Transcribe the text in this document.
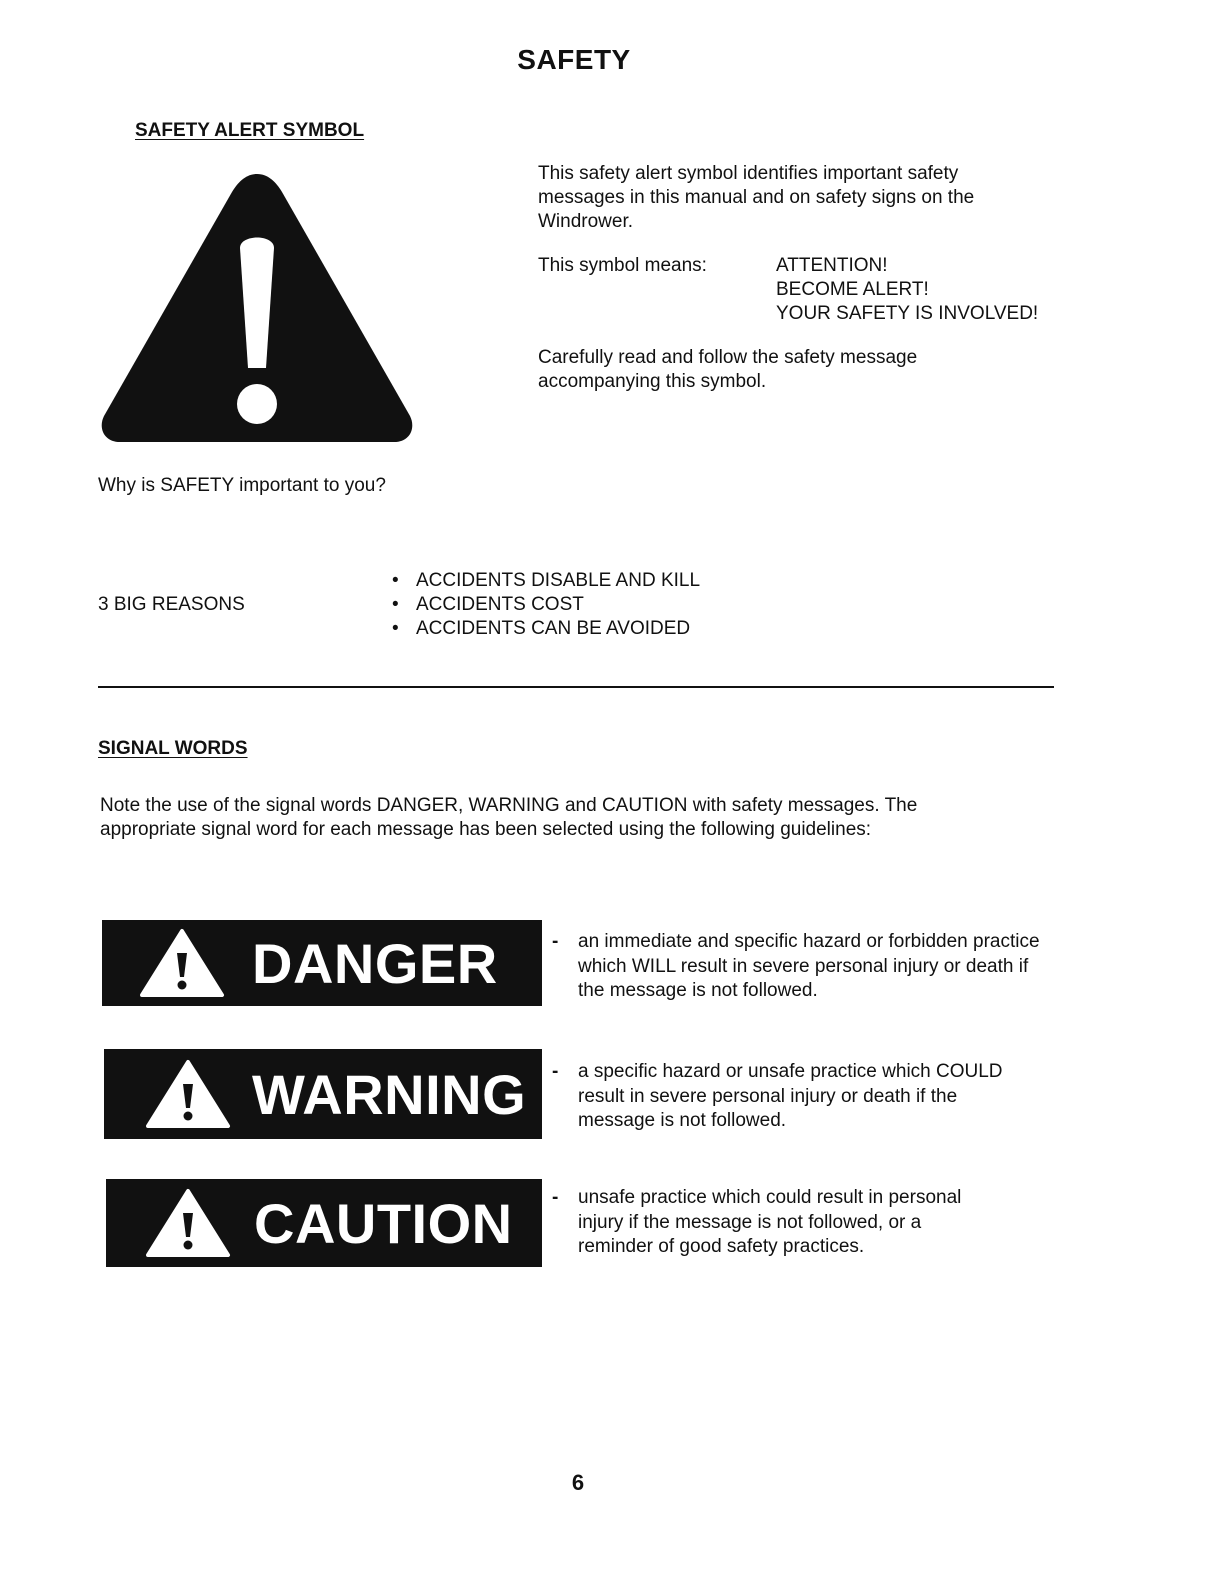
SAFETY
SAFETY ALERT SYMBOL
This safety alert symbol identifies important safety messages in this manual and on safety signs on the Windrower.
This symbol means:	ATTENTION!
BECOME ALERT!
YOUR SAFETY IS INVOLVED!
Carefully read and follow the safety message accompanying this symbol.
Why is SAFETY important to you?
3 BIG REASONS
• ACCIDENTS DISABLE AND KILL
• ACCIDENTS COST
• ACCIDENTS CAN BE AVOIDED
SIGNAL WORDS
Note the use of the signal words DANGER, WARNING and CAUTION with safety messages. The appropriate signal word for each message has been selected using the following guidelines:
DANGER	-	an immediate and specific hazard or forbidden practice which WILL result in severe personal injury or death if the message is not followed.
WARNING -	a specific hazard or unsafe practice which COULD result in severe personal injury or death if the message is not followed.
CAUTION -	unsafe practice which could result in personal injury if the message is not followed, or a reminder of good safety practices.
6
